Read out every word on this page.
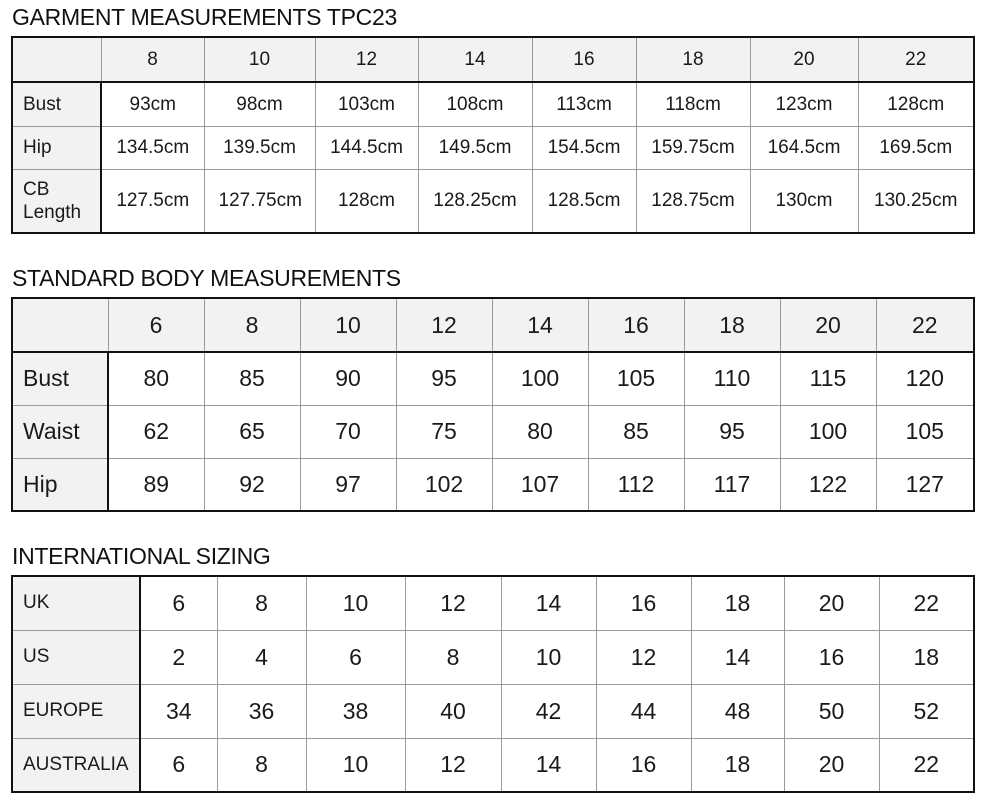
GARMENT MEASUREMENTS TPC23
	8	10	12	14	16	18	20	22
Bust	93cm	98cm	103cm	108cm	113cm	118cm	123cm	128cm
Hip	134.5cm	139.5cm	144.5cm	149.5cm	154.5cm	159.75cm	164.5cm	169.5cm
CB Length	127.5cm	127.75cm	128cm	128.25cm	128.5cm	128.75cm	130cm	130.25cm
STANDARD BODY MEASUREMENTS
	6	8	10	12	14	16	18	20	22
Bust	80	85	90	95	100	105	110	115	120
Waist	62	65	70	75	80	85	95	100	105
Hip	89	92	97	102	107	112	117	122	127
INTERNATIONAL SIZING
UK	6	8	10	12	14	16	18	20	22
US	2	4	6	8	10	12	14	16	18
EUROPE	34	36	38	40	42	44	48	50	52
AUSTRALIA	6	8	10	12	14	16	18	20	22
